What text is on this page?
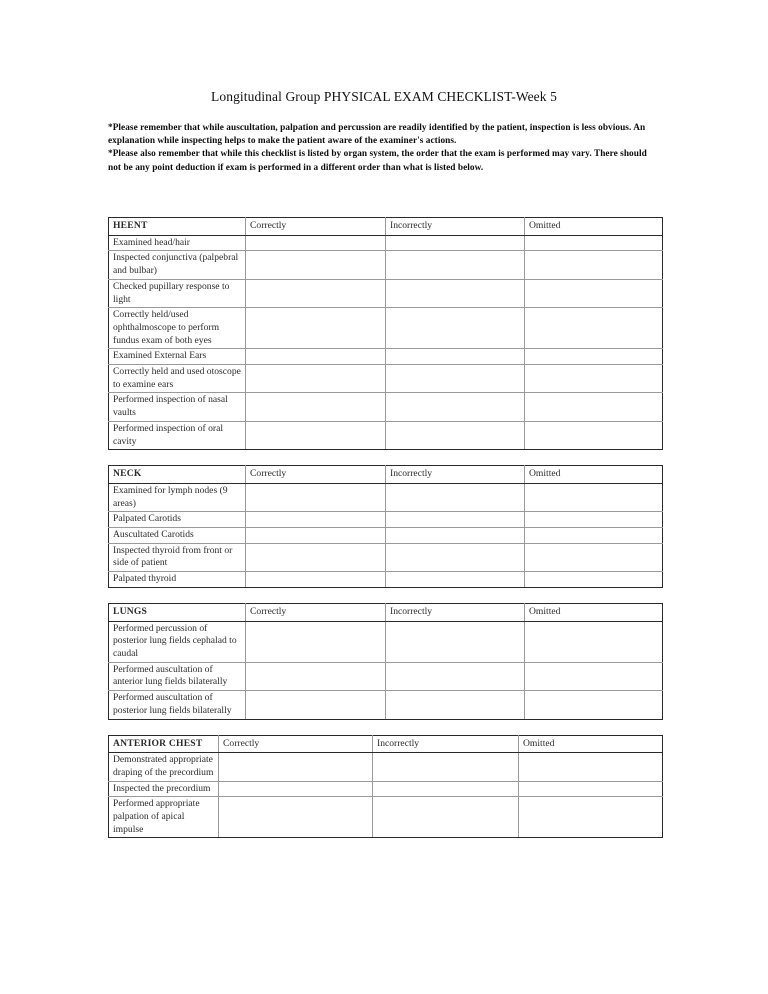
Longitudinal Group PHYSICAL EXAM CHECKLIST-Week 5

*Please remember that while auscultation, palpation and percussion are readily identified by the patient, inspection is less obvious. An explanation while inspecting helps to make the patient aware of the examiner's actions.

*Please also remember that while this checklist is listed by organ system, the order that the exam is performed may vary. There should not be any point deduction if exam is performed in a different order than what is listed below.

HEENT	Correctly	Incorrectly	Omitted
Examined head/hair			
Inspected conjunctiva (palpebral and bulbar)			
Checked pupillary response to light			
Correctly held/used ophthalmoscope to perform fundus exam of both eyes			
Examined External Ears			
Correctly held and used otoscope to examine ears			
Performed inspection of nasal vaults			
Performed inspection of oral cavity			
NECK	Correctly	Incorrectly	Omitted
Examined for lymph nodes (9 areas)			
Palpated Carotids			
Auscultated Carotids			
Inspected thyroid from front or side of patient			
Palpated thyroid			
LUNGS	Correctly	Incorrectly	Omitted
Performed percussion of posterior lung fields cephalad to caudal			
Performed auscultation of anterior lung fields bilaterally			
Performed auscultation of posterior lung fields bilaterally			
ANTERIOR CHEST	Correctly	Incorrectly	Omitted
Demonstrated appropriate draping of the precordium			
Inspected the precordium			
Performed appropriate palpation of apical impulse			
